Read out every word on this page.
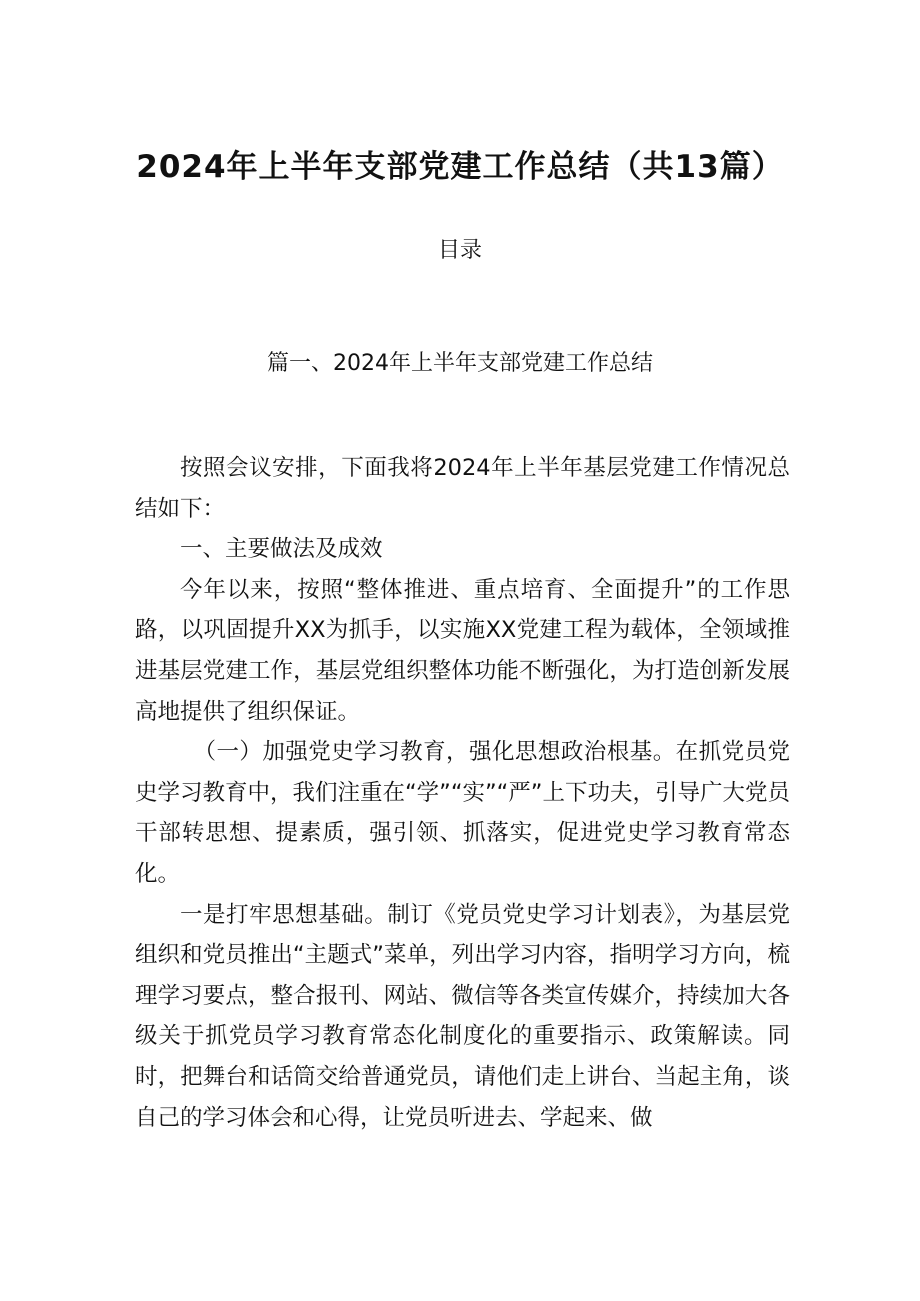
2024年上半年支部党建工作总结（共13篇）
目录
篇一、2024年上半年支部党建工作总结

按照会议安排，下面我将2024年上半年基层党建工作情况总结如下：

一、主要做法及成效

今年以来，按照“整体推进、重点培育、全面提升”的工作思路，以巩固提升XX为抓手，以实施XX党建工程为载体，全领域推进基层党建工作，基层党组织整体功能不断强化，为打造创新发展高地提供了组织保证。

（一）加强党史学习教育，强化思想政治根基。在抓党员党史学习教育中，我们注重在“学”“实”“严”上下功夫，引导广大党员干部转思想、提素质，强引领、抓落实，促进党史学习教育常态化。

一是打牢思想基础。制订《党员党史学习计划表》，为基层党组织和党员推出“主题式”菜单，列出学习内容，指明学习方向，梳理学习要点，整合报刊、网站、微信等各类宣传媒介，持续加大各级关于抓党员学习教育常态化制度化的重要指示、政策解读。同时，把舞台和话筒交给普通党员，请他们走上讲台、当起主角，谈自己的学习体会和心得，让党员听进去、学起来、做
